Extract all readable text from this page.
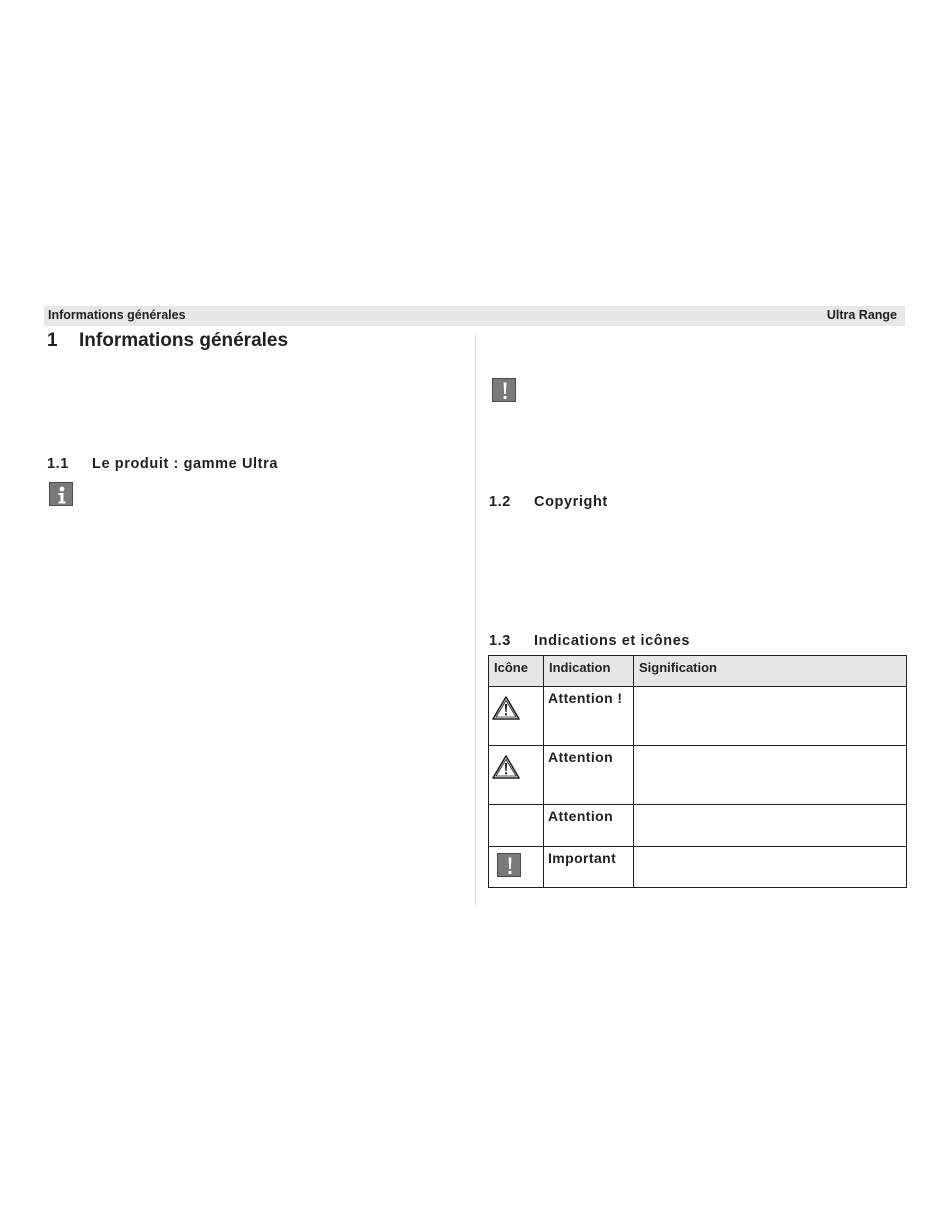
Informations générales	Ultra Range
1 Informations générales
1.1 Le produit : gamme Ultra
1.2 Copyright
1.3 Indications et icônes
Icône	Indication	Signification

	Attention !	

	Attention	
	Attention	

	Important	
